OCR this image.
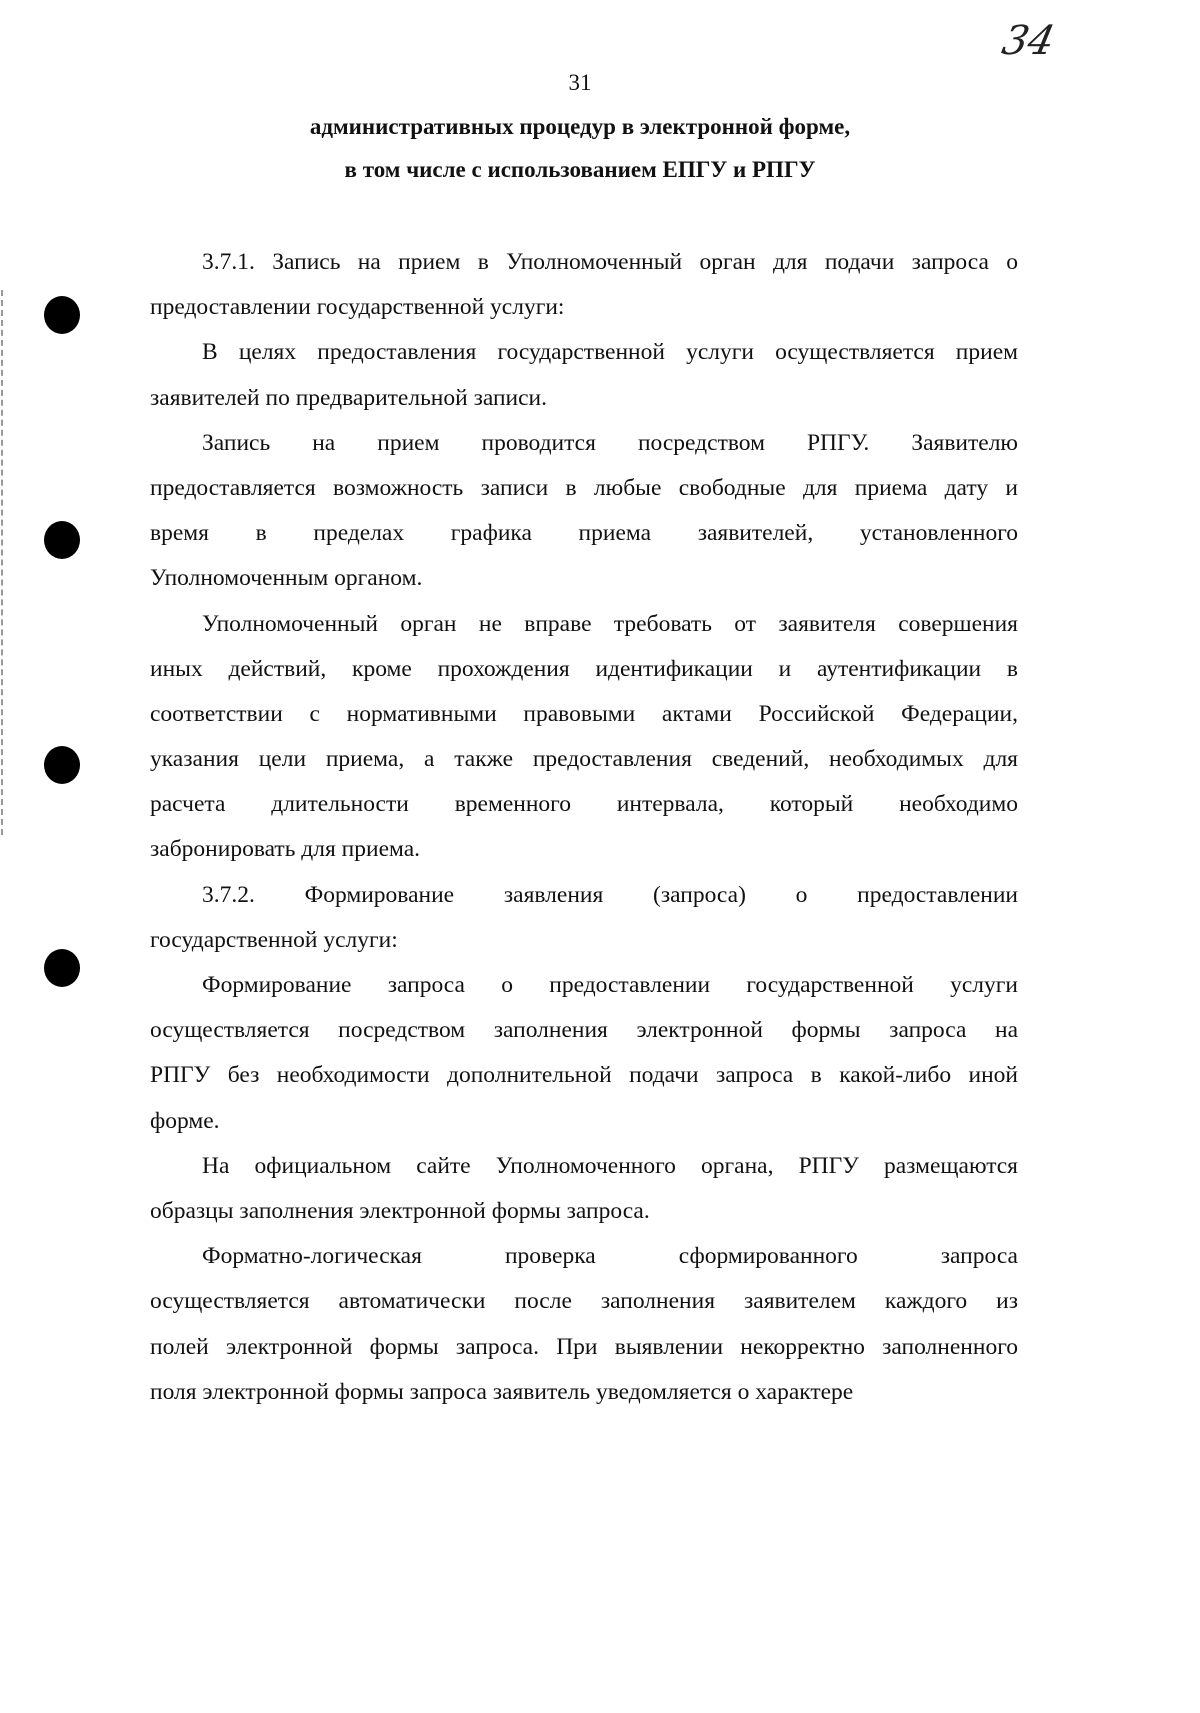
34
31
административных процедур в электронной форме,
в том числе с использованием ЕПГУ и РПГУ
3.7.1. Запись на прием в Уполномоченный орган для подачи запроса о
предоставлении государственной услуги:
В целях предоставления государственной услуги осуществляется прием
заявителей по предварительной записи.
Запись на прием проводится посредством РПГУ. Заявителю
предоставляется возможность записи в любые свободные для приема дату и
время в пределах графика приема заявителей, установленного
Уполномоченным органом.
Уполномоченный орган не вправе требовать от заявителя совершения
иных действий, кроме прохождения идентификации и аутентификации в
соответствии с нормативными правовыми актами Российской Федерации,
указания цели приема, а также предоставления сведений, необходимых для
расчета длительности временного интервала, который необходимо
забронировать для приема.
3.7.2. Формирование заявления (запроса) о предоставлении
государственной услуги:
Формирование запроса о предоставлении государственной услуги
осуществляется посредством заполнения электронной формы запроса на
РПГУ без необходимости дополнительной подачи запроса в какой-либо иной
форме.
На официальном сайте Уполномоченного органа, РПГУ размещаются
образцы заполнения электронной формы запроса.
Форматно-логическая проверка сформированного запроса
осуществляется автоматически после заполнения заявителем каждого из
полей электронной формы запроса. При выявлении некорректно заполненного
поля электронной формы запроса заявитель уведомляется о характере
